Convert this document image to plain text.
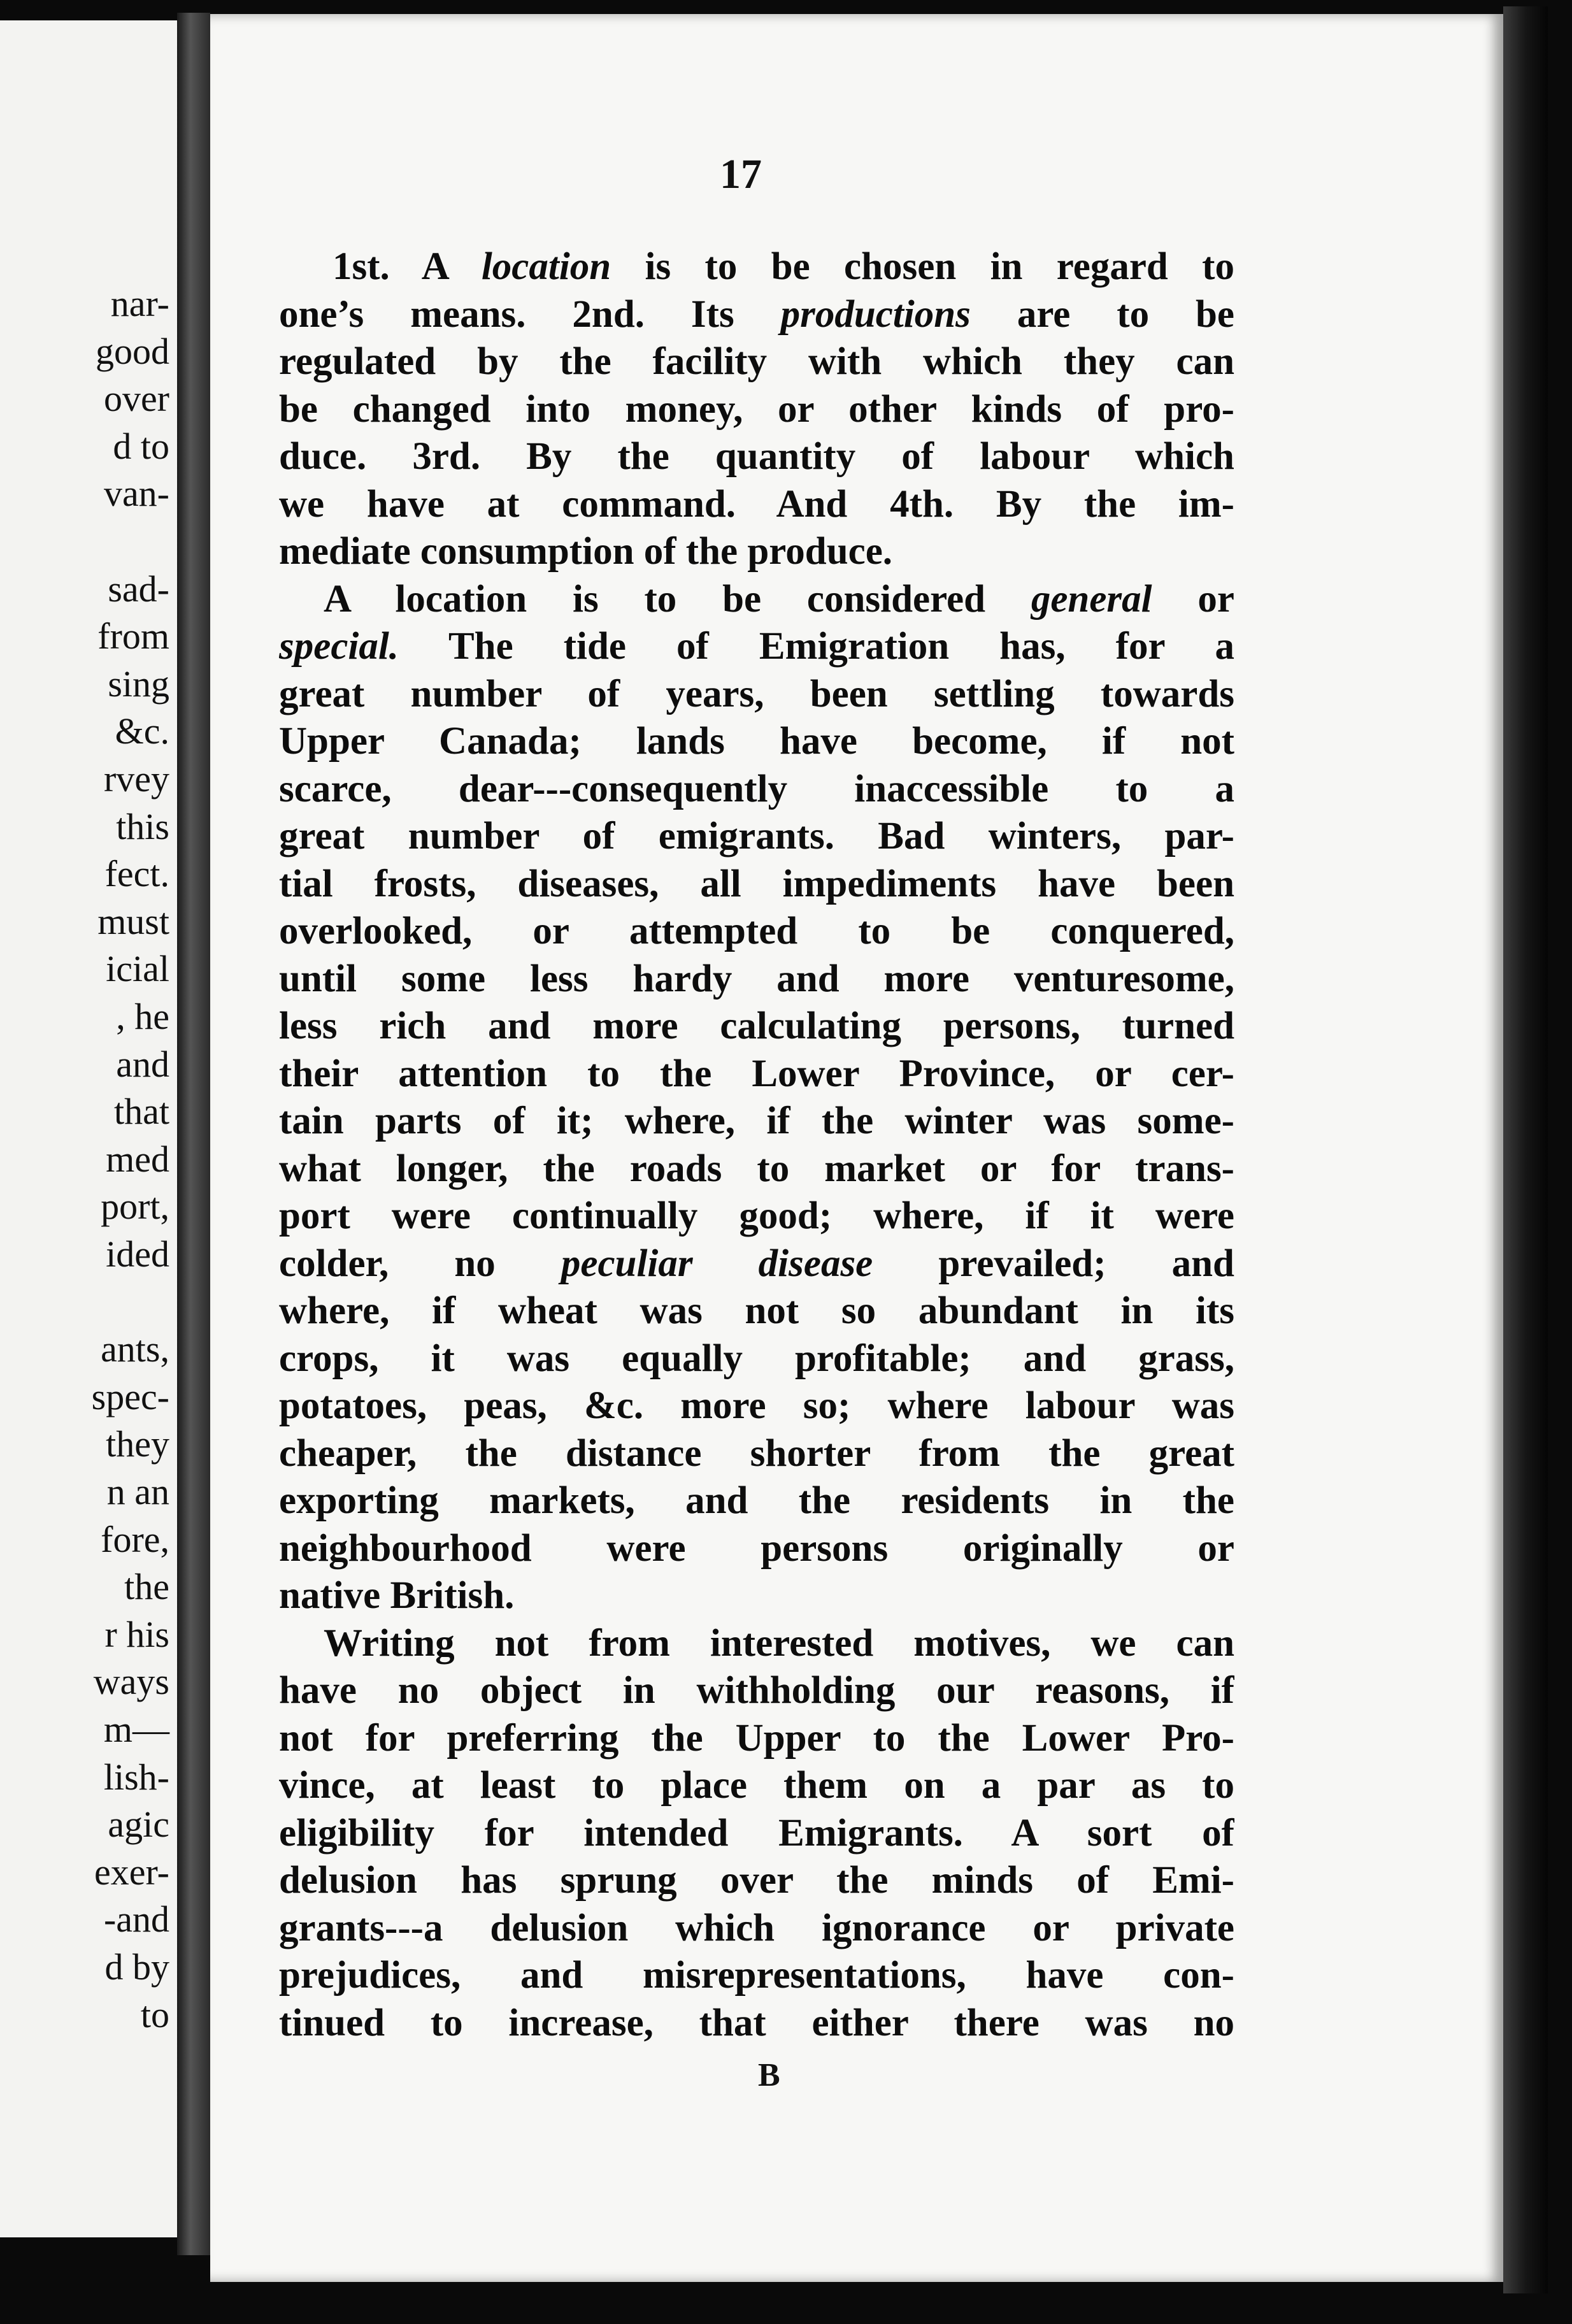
nar-
good
over
d to
van-
sad-
from
sing
&c.
rvey
this
fect.
must
icial
, he
and
that
med
port,
ided
ants,
spec-
they
n an
fore,
the
r his
ways
m—
lish-
agic
exer-
-and
d by
to
17
1st. A location is to be chosen in regard to
one’s means. 2nd. Its productions are to be
regulated by the facility with which they can
be changed into money, or other kinds of pro-
duce. 3rd. By the quantity of labour which
we have at command. And 4th. By the im-
mediate consumption of the produce.
A location is to be considered general or
special. The tide of Emigration has, for a
great number of years, been settling towards
Upper Canada; lands have become, if not
scarce, dear---consequently inaccessible to a
great number of emigrants. Bad winters, par-
tial frosts, diseases, all impediments have been
overlooked, or attempted to be conquered,
until some less hardy and more venturesome,
less rich and more calculating persons, turned
their attention to the Lower Province, or cer-
tain parts of it; where, if the winter was some-
what longer, the roads to market or for trans-
port were continually good; where, if it were
colder, no peculiar disease prevailed; and
where, if wheat was not so abundant in its
crops, it was equally profitable; and grass,
potatoes, peas, &c. more so; where labour was
cheaper, the distance shorter from the great
exporting markets, and the residents in the
neighbourhood were persons originally or
native British.
Writing not from interested motives, we can
have no object in withholding our reasons, if
not for preferring the Upper to the Lower Pro-
vince, at least to place them on a par as to
eligibility for intended Emigrants. A sort of
delusion has sprung over the minds of Emi-
grants---a delusion which ignorance or private
prejudices, and misrepresentations, have con-
tinued to increase, that either there was no
B
